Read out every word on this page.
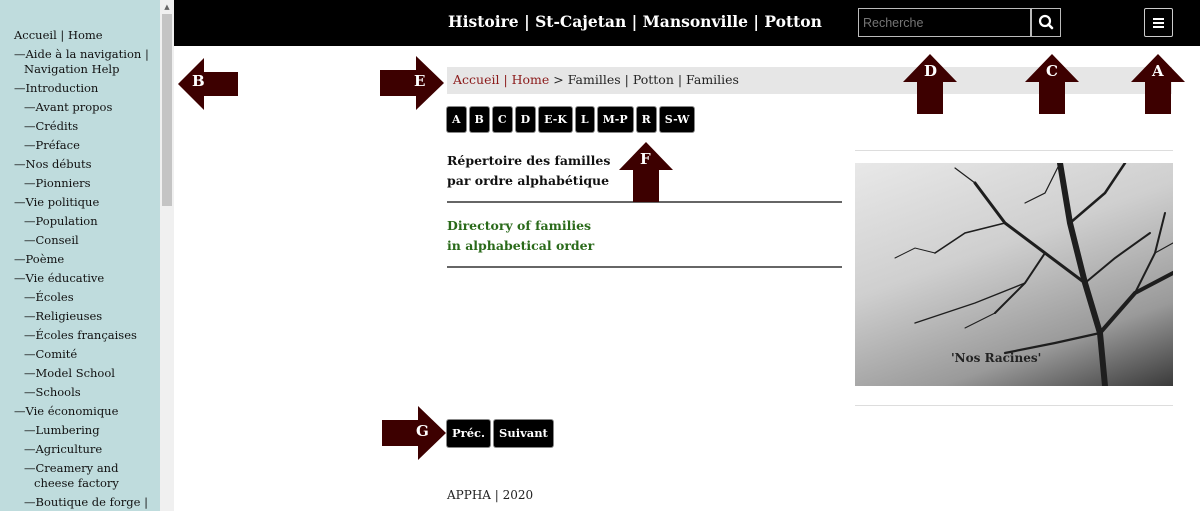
Accueil | Home
— Aide à la navigation |
Navigation Help
— Introduction
— Avant propos
— Crédits
— Préface
— Nos débuts
— Pionniers
— Vie politique
— Population
— Conseil
— Poème
— Vie éducative
— Écoles
— Religieuses
— Écoles françaises
— Comité
— Model School
— Schools
— Vie économique
— Lumbering
— Agriculture
— Creamery and
cheese factory
— Boutique de forge |
▲
Histoire | St-Cajetan | Mansonville | Potton
Recherche
Accueil | Home > Familles | Potton | Families
A	B	C	D	E-K	L	M-P	R	S-W
Répertoire des familles
par ordre alphabétique
Directory of families
in alphabetical order
'Nos Racines'
Préc.	Suivant
APPHA | 2020
B	E
G
D	C	A
F
